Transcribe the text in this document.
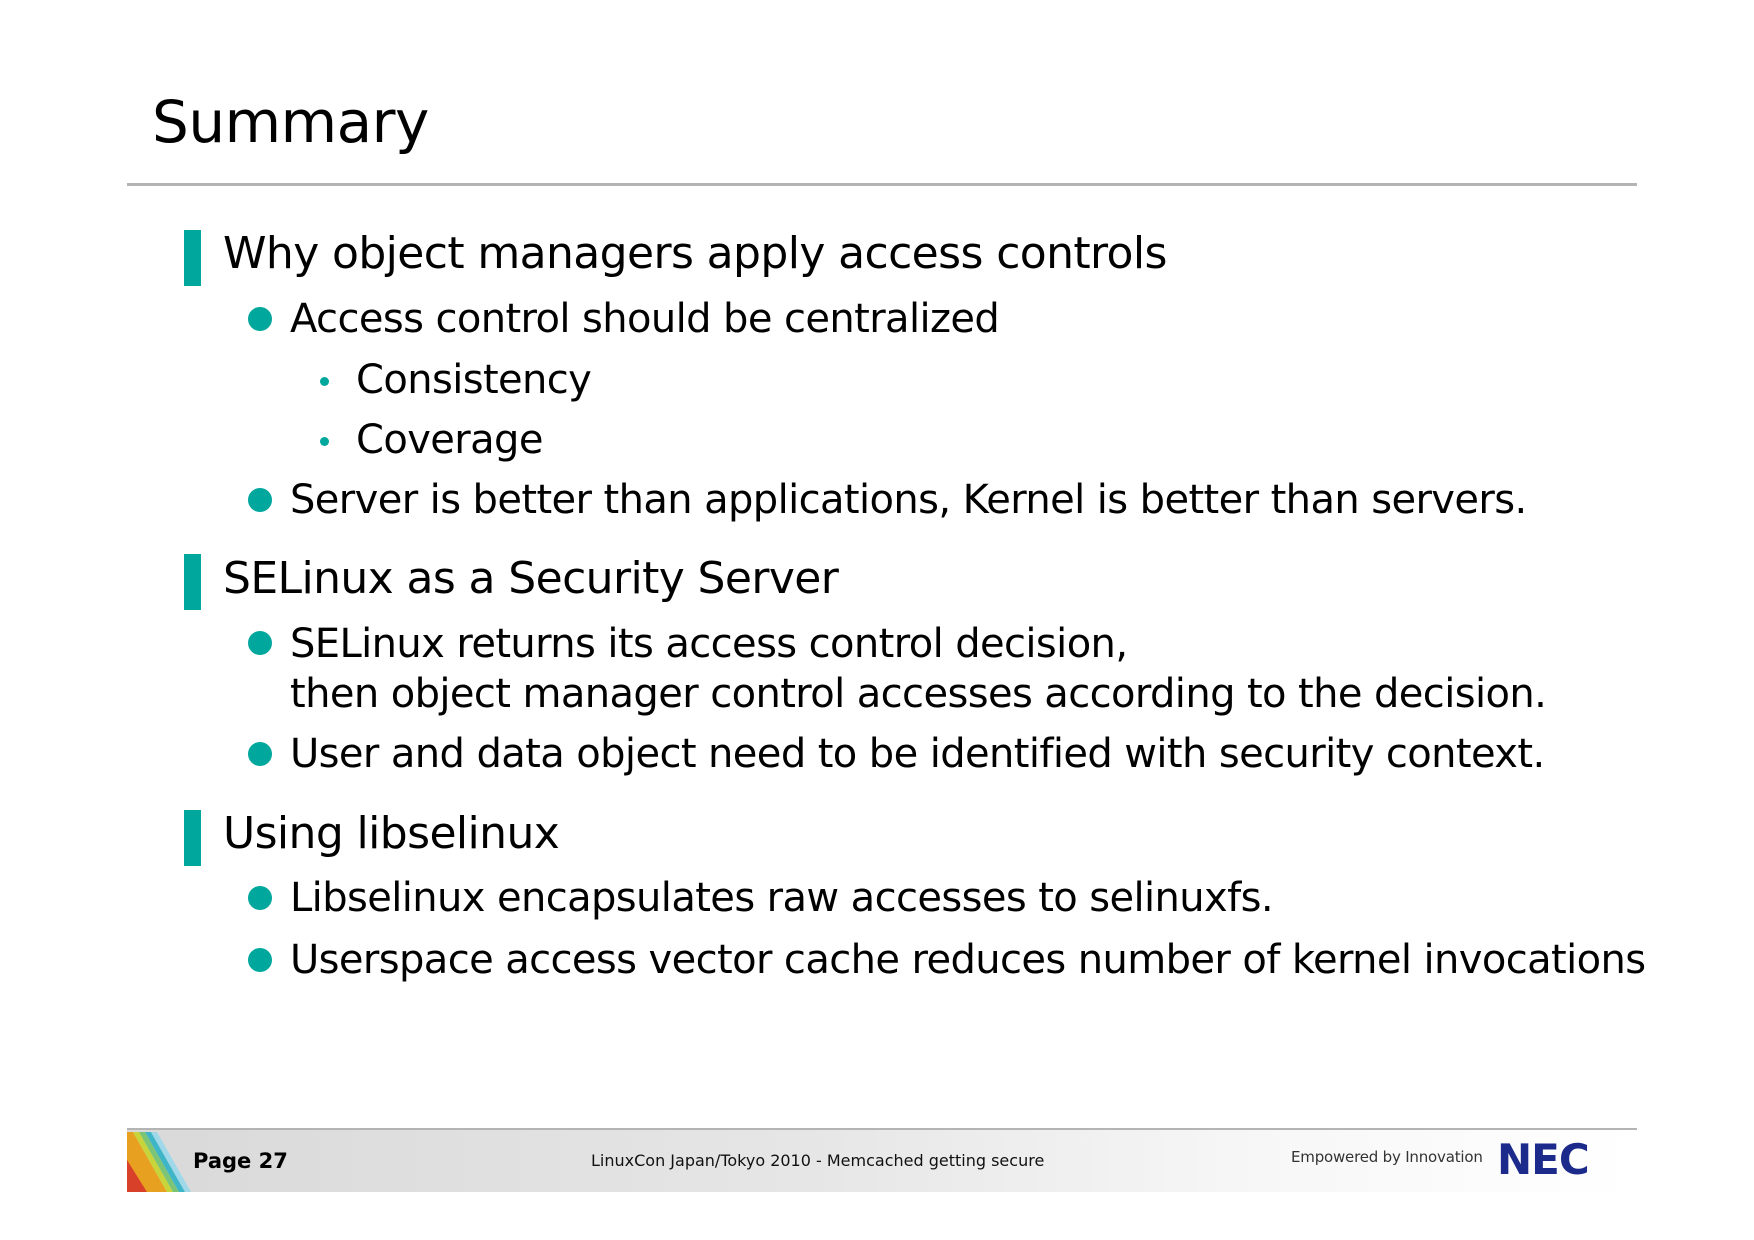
Summary
Why object managers apply access controls
Access control should be centralized
Consistency
Coverage
Server is better than applications, Kernel is better than servers.
SELinux as a Security Server
SELinux returns its access control decision,
then object manager control accesses according to the decision.
User and data object need to be identified with security context.
Using libselinux
Libselinux encapsulates raw accesses to selinuxfs.
Userspace access vector cache reduces number of kernel invocations
Page 27	LinuxCon Japan/Tokyo 2010 - Memcached getting secure	Empowered by Innovation NEC
